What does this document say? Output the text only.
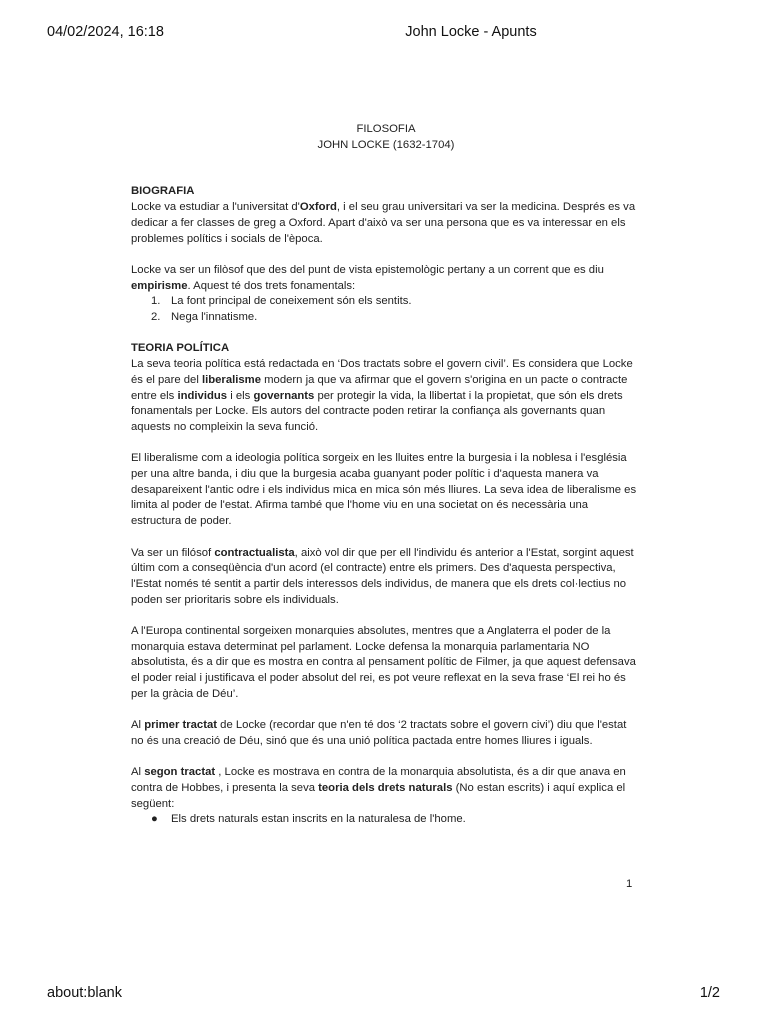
04/02/2024, 16:18	John Locke - Apunts
FILOSOFIA
JOHN LOCKE (1632-1704)
BIOGRAFIA

Locke va estudiar a l'universitat d'Oxford, i el seu grau universitari va ser la medicina. Després es va dedicar a fer classes de greg a Oxford. Apart d'això va ser una persona que es va interessar en els problemes polítics i socials de l'època.

Locke va ser un filòsof que des del punt de vista epistemològic pertany a un corrent que es diu empirisme. Aquest té dos trets fonamentals:

1. La font principal de coneixement són els sentits.
2. Nega l'innatisme.
TEORIA POLÍTICA

La seva teoria política está redactada en ‘Dos tractats sobre el govern civil’. Es considera que Locke és el pare del liberalisme modern ja que va afirmar que el govern s'origina en un pacte o contracte entre els individus i els governants per protegir la vida, la llibertat i la propietat, que són els drets fonamentals per Locke. Els autors del contracte poden retirar la confiança als governants quan aquests no compleixin la seva funció.

El liberalisme com a ideologia política sorgeix en les lluites entre la burgesia i la noblesa i l'església per una altre banda, i diu que la burgesia acaba guanyant poder polític i d'aquesta manera va desapareixent l'antic odre i els individus mica en mica són més lliures. La seva idea de liberalisme es limita al poder de l'estat. Afirma també que l'home viu en una societat on és necessària una estructura de poder.

Va ser un filósof contractualista, això vol dir que per ell l'individu és anterior a l'Estat, sorgint aquest últim com a conseqüència d'un acord (el contracte) entre els primers. Des d'aquesta perspectiva, l'Estat només té sentit a partir dels interessos dels individus, de manera que els drets col·lectius no poden ser prioritaris sobre els individuals.

A l'Europa continental sorgeixen monarquies absolutes, mentres que a Anglaterra el poder de la monarquia estava determinat pel parlament. Locke defensa la monarquia parlamentaria NO absolutista, és a dir que es mostra en contra al pensament polític de Filmer, ja que aquest defensava el poder reial i justificava el poder absolut del rei, es pot veure reflexat en la seva frase ‘El rei ho és per la gràcia de Déu’.

Al primer tractat de Locke (recordar que n'en té dos ‘2 tractats sobre el govern civi’) diu que l'estat no és una creació de Déu, sinó que és una unió política pactada entre homes lliures i iguals.

Al segon tractat , Locke es mostrava en contra de la monarquia absolutista, és a dir que anava en contra de Hobbes, i presenta la seva teoria dels drets naturals (No estan escrits) i aquí explica el següent:

● Els drets naturals estan inscrits en la naturalesa de l'home.
1
about:blank	1/2
